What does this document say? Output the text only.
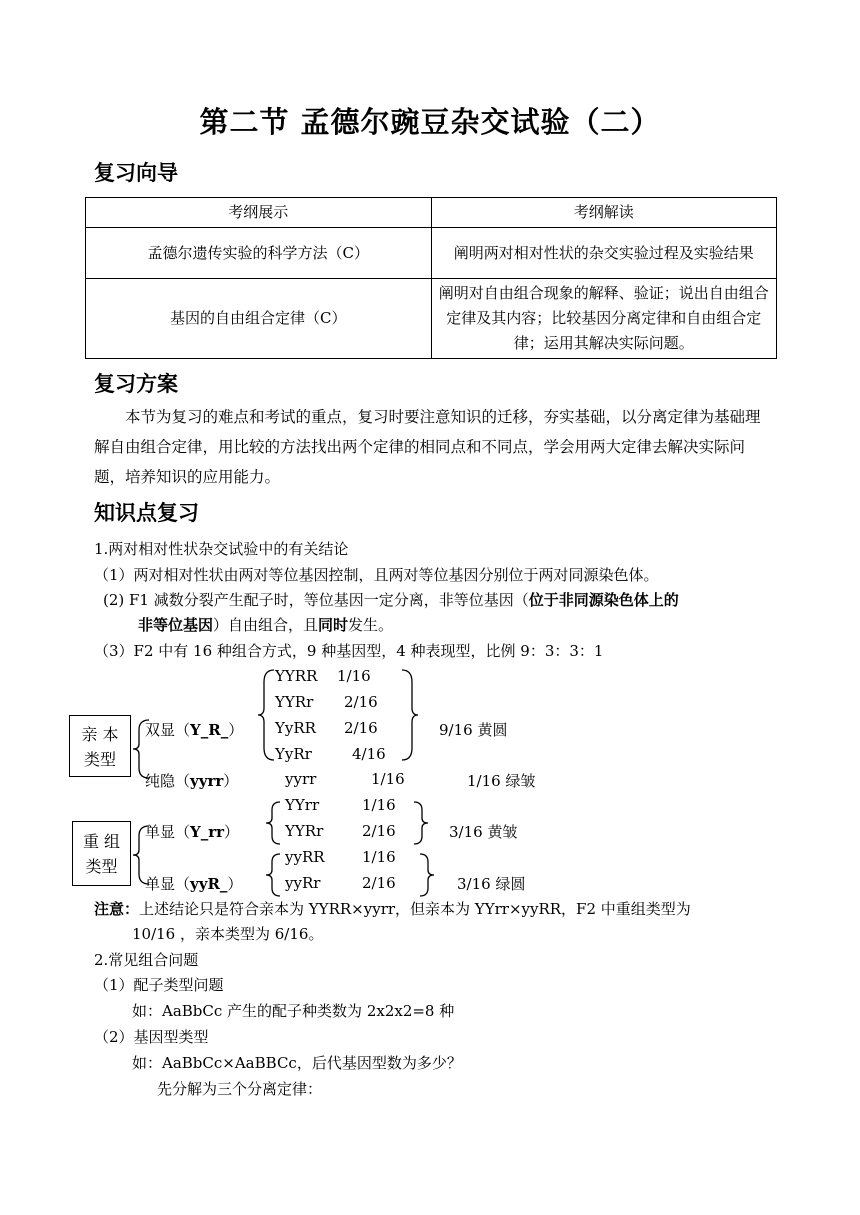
第二节 孟德尔豌豆杂交试验（二）
复习向导
考纲展示	考纲解读
孟德尔遗传实验的科学方法（C）	阐明两对相对性状的杂交实验过程及实验结果
基因的自由组合定律（C）	阐明对自由组合现象的解释、验证；说出自由组合定律及其内容；比较基因分离定律和自由组合定律；运用其解决实际问题。
复习方案
本节为复习的难点和考试的重点，复习时要注意知识的迁移，夯实基础，以分离定律为基础理解自由组合定律，用比较的方法找出两个定律的相同点和不同点，学会用两大定律去解决实际问题，培养知识的应用能力。
知识点复习
1.两对相对性状杂交试验中的有关结论
（1）两对相对性状由两对等位基因控制，且两对等位基因分别位于两对同源染色体。
(2) F1 减数分裂产生配子时，等位基因一定分离，非等位基因（位于非同源染色体上的
非等位基因）自由组合，且同时发生。
（3）F2 中有 16 种组合方式，9 种基因型，4 种表现型，比例 9：3：3：1
亲 本
类型
双显（Y_R_）
YYRR 1/16
YYRr 2/16
YyRR 2/16
YyRr	4/16
9/16 黄圆
纯隐（yyrr）	yyrr	1/16	1/16 绿皱
重 组
类型
单显（Y_rr）
YYrr	1/16
YYRr	2/16	3/16 黄皱
单显（yyR_）
yyRR 1/16
yyRr	2/16	3/16 绿圆
注意：上述结论只是符合亲本为 YYRR×yyrr，但亲本为 YYrr×yyRR，F2 中重组类型为
10/16 ，亲本类型为 6/16。
2.常见组合问题
（1）配子类型问题
如：AaBbCc 产生的配子种类数为 2x2x2=8 种
（2）基因型类型
如：AaBbCc×AaBBCc，后代基因型数为多少？
先分解为三个分离定律：
